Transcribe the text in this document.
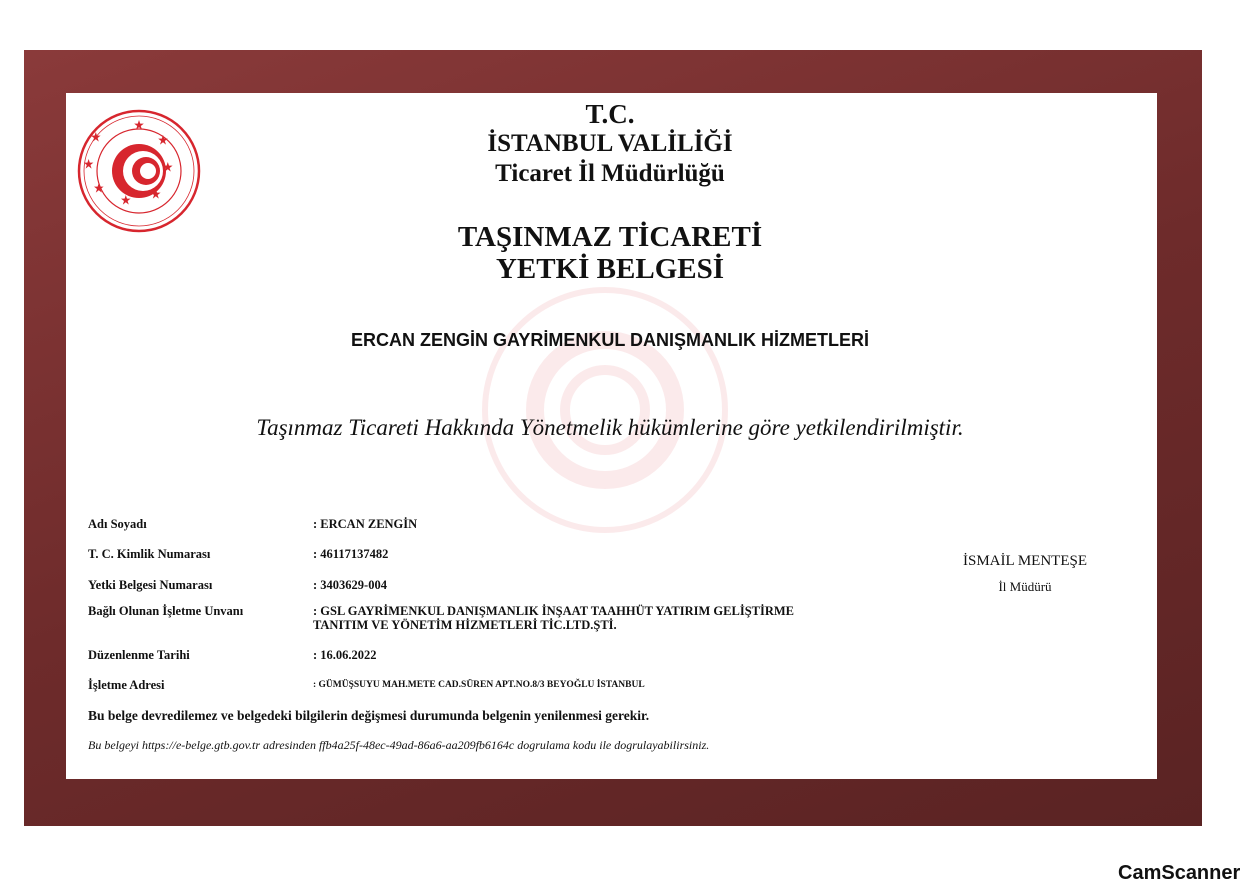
T.C.
İSTANBUL VALİLİĞİ
Ticaret İl Müdürlüğü
TAŞINMAZ TİCARETİ
YETKİ BELGESİ
ERCAN ZENGİN GAYRİMENKUL DANIŞMANLIK HİZMETLERİ
Taşınmaz Ticareti Hakkında Yönetmelik hükümlerine göre yetkilendirilmiştir.
Adı Soyadı	: ERCAN ZENGİN
T. C. Kimlik Numarası	: 46117137482
Yetki Belgesi Numarası	: 3403629-004
Bağlı Olunan İşletme Unvanı	: GSL GAYRİMENKUL DANIŞMANLIK İNŞAAT TAAHHÜT YATIRIM GELİŞTİRME
TANITIM VE YÖNETİM HİZMETLERİ TİC.LTD.ŞTİ.
Düzenlenme Tarihi	: 16.06.2022
İşletme Adresi	: GÜMÜŞSUYU MAH.METE CAD.SÜREN APT.NO.8/3 BEYOĞLU İSTANBUL
Bu belge devredilemez ve belgedeki bilgilerin değişmesi durumunda belgenin yenilenmesi gerekir.
Bu belgeyi https://e-belge.gtb.gov.tr adresinden ffb4a25f-48ec-49ad-86a6-aa209fb6164c dogrulama kodu ile dogrulayabilirsiniz.
İSMAİL MENTEŞE
İl Müdürü
CamScanner
